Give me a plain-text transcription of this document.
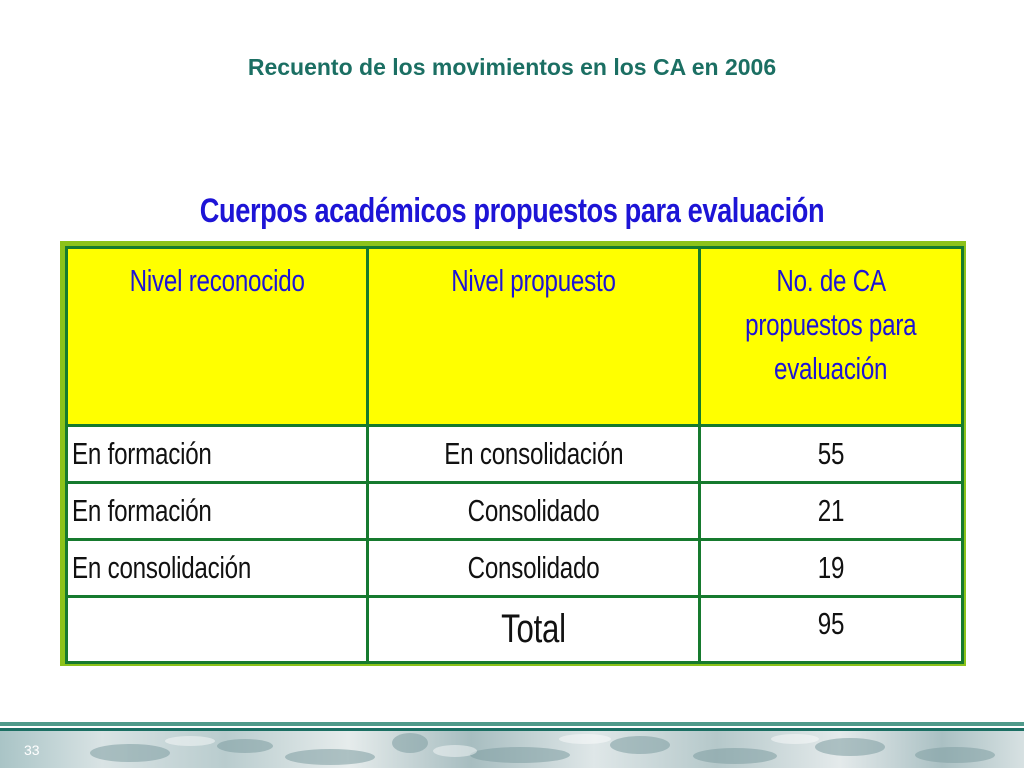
Recuento de los movimientos en los CA en 2006
Cuerpos académicos propuestos para evaluación
Nivel reconocido	Nivel propuesto	No. de CA
propuestos para
evaluación
En formación	En consolidación	55
En formación	Consolidado	21
En consolidación	Consolidado	19
	Total	95
33
